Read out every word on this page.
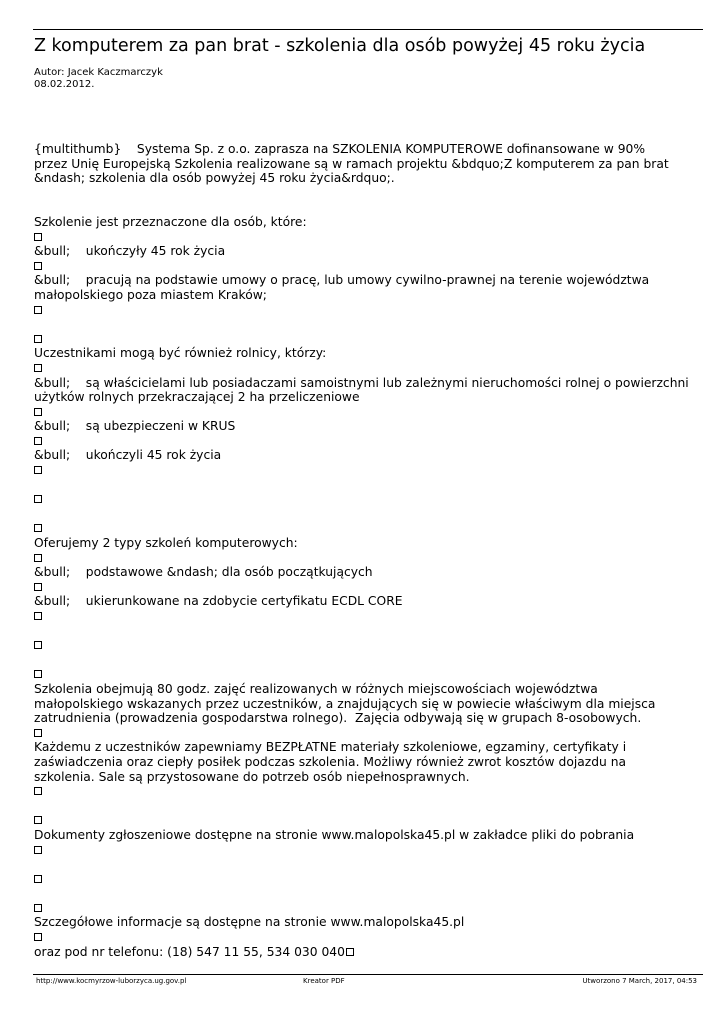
Z komputerem za pan brat - szkolenia dla osób powyżej 45 roku życia
Autor: Jacek Kaczmarczyk
08.02.2012.
{multithumb}    Systema Sp. z o.o. zaprasza na SZKOLENIA KOMPUTEROWE dofinansowane w 90%
przez Unię Europejską Szkolenia realizowane są w ramach projektu &bdquo;Z komputerem za pan brat
&ndash; szkolenia dla osób powyżej 45 roku życia&rdquo;.
Szkolenie jest przeznaczone dla osób, które:
&bull;    ukończyły 45 rok życia
&bull;    pracują na podstawie umowy o pracę, lub umowy cywilno-prawnej na terenie województwa
małopolskiego poza miastem Kraków;
Uczestnikami mogą być również rolnicy, którzy:
&bull;    są właścicielami lub posiadaczami samoistnymi lub zależnymi nieruchomości rolnej o powierzchni
użytków rolnych przekraczającej 2 ha przeliczeniowe
&bull;    są ubezpieczeni w KRUS
&bull;    ukończyli 45 rok życia
Oferujemy 2 typy szkoleń komputerowych:
&bull;    podstawowe &ndash; dla osób początkujących
&bull;    ukierunkowane na zdobycie certyfikatu ECDL CORE
Szkolenia obejmują 80 godz. zajęć realizowanych w różnych miejscowościach województwa
małopolskiego wskazanych przez uczestników, a znajdujących się w powiecie właściwym dla miejsca
zatrudnienia (prowadzenia gospodarstwa rolnego).  Zajęcia odbywają się w grupach 8-osobowych.
Każdemu z uczestników zapewniamy BEZPŁATNE materiały szkoleniowe, egzaminy, certyfikaty i
zaświadczenia oraz ciepły posiłek podczas szkolenia. Możliwy również zwrot kosztów dojazdu na
szkolenia. Sale są przystosowane do potrzeb osób niepełnosprawnych.
Dokumenty zgłoszeniowe dostępne na stronie www.malopolska45.pl w zakładce pliki do pobrania
Szczegółowe informacje są dostępne na stronie www.malopolska45.pl
oraz pod nr telefonu: (18) 547 11 55, 534 030 040
http://www.kocmyrzow-luborzyca.ug.gov.pl	Kreator PDF	Utworzono 7 March, 2017, 04:53
